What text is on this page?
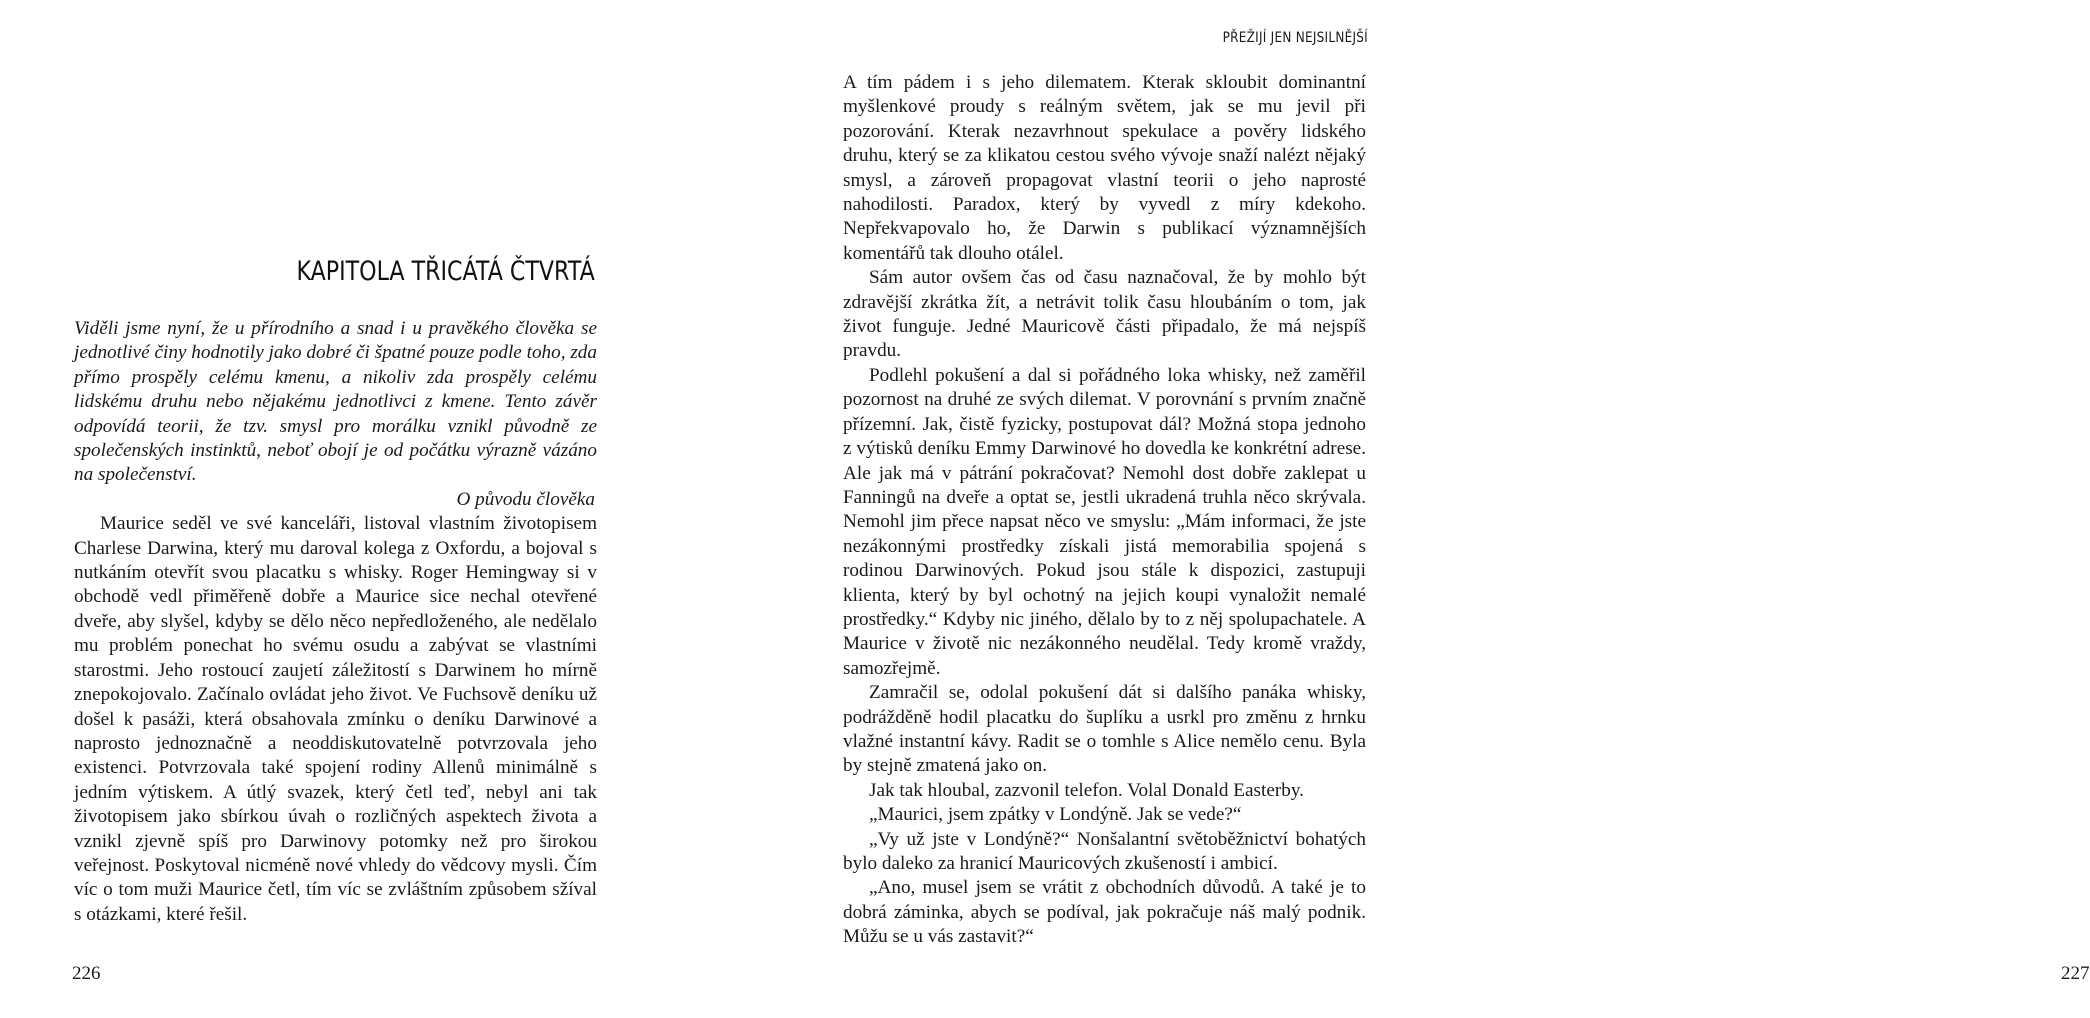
KAPITOLA TŘICÁTÁ ČTVRTÁ

Viděli jsme nyní, že u přírodního a snad i u pravěkého člověka se jednotlivé činy hodnotily jako dobré či špatné pouze podle toho, zda přímo prospěly celému kmenu, a nikoliv zda prospěly celému lidskému druhu nebo nějakému jednotlivci z kmene. Tento závěr odpovídá teorii, že tzv. smysl pro morálku vznikl původně ze společenských instinktů, neboť obojí je od počátku výrazně vázáno na společenství.

O původu člověka

Maurice seděl ve své kanceláři, listoval vlastním životopisem Charlese Darwina, který mu daroval kolega z Oxfordu, a bojoval s nutkáním otevřít svou placatku s whisky. Roger Hemingway si v obchodě vedl přiměřeně dobře a Maurice sice nechal otevřené dveře, aby slyšel, kdyby se dělo něco nepředloženého, ale nedělalo mu problém ponechat ho svému osudu a zabývat se vlastními starostmi. Jeho rostoucí zaujetí záležitostí s Darwinem ho mírně znepokojovalo. Začínalo ovládat jeho život. Ve Fuchsově deníku už došel k pasáži, která obsahovala zmínku o deníku Darwinové a naprosto jednoznačně a neoddiskutovatelně potvrzovala jeho existenci. Potvrzovala také spojení rodiny Allenů minimálně s jedním výtiskem. A útlý svazek, který četl teď, nebyl ani tak životopisem jako sbírkou úvah o rozličných aspektech života a vznikl zjevně spíš pro Darwinovy potomky než pro širokou veřejnost. Poskytoval nicméně nové vhledy do vědcovy mysli. Čím víc o tom muži Maurice četl, tím víc se zvláštním způsobem sžíval s otázkami, které řešil.

226
PŘEŽIJÍ JEN NEJSILNĚJŠÍ
227

A tím pádem i s jeho dilematem. Kterak skloubit dominantní myšlenkové proudy s reálným světem, jak se mu jevil při pozorování. Kterak nezavrhnout spekulace a pověry lidského druhu, který se za klikatou cestou svého vývoje snaží nalézt nějaký smysl, a zároveň propagovat vlastní teorii o jeho naprosté nahodilosti. Paradox, který by vyvedl z míry kdekoho. Nepřekvapovalo ho, že Darwin s publikací významnějších komentářů tak dlouho otálel.

Sám autor ovšem čas od času naznačoval, že by mohlo být zdravější zkrátka žít, a netrávit tolik času hloubáním o tom, jak život funguje. Jedné Mauricově části připadalo, že má nejspíš pravdu.

Podlehl pokušení a dal si pořádného loka whisky, než zaměřil pozornost na druhé ze svých dilemat. V porovnání s prvním značně přízemní. Jak, čistě fyzicky, postupovat dál? Možná stopa jednoho z výtisků deníku Emmy Darwinové ho dovedla ke konkrétní adrese. Ale jak má v pátrání pokračovat? Nemohl dost dobře zaklepat u Fanningů na dveře a optat se, jestli ukradená truhla něco skrývala. Nemohl jim přece napsat něco ve smyslu: „Mám informaci, že jste nezákonnými prostředky získali jistá memorabilia spojená s rodinou Darwinových. Pokud jsou stále k dispozici, zastupuji klienta, který by byl ochotný na jejich koupi vynaložit nemalé prostředky.“ Kdyby nic jiného, dělalo by to z něj spolupachatele. A Maurice v životě nic nezákonného neudělal. Tedy kromě vraždy, samozřejmě.

Zamračil se, odolal pokušení dát si dalšího panáka whisky, podrážděně hodil placatku do šuplíku a usrkl pro změnu z hrnku vlažné instantní kávy. Radit se o tomhle s Alice nemělo cenu. Byla by stejně zmatená jako on.

Jak tak hloubal, zazvonil telefon. Volal Donald Easterby.

„Maurici, jsem zpátky v Londýně. Jak se vede?“

„Vy už jste v Londýně?“ Nonšalantní světoběžnictví bohatých bylo daleko za hranicí Mauricových zkušeností i ambicí.

„Ano, musel jsem se vrátit z obchodních důvodů. A také je to dobrá záminka, abych se podíval, jak pokračuje náš malý podnik. Můžu se u vás zastavit?“
